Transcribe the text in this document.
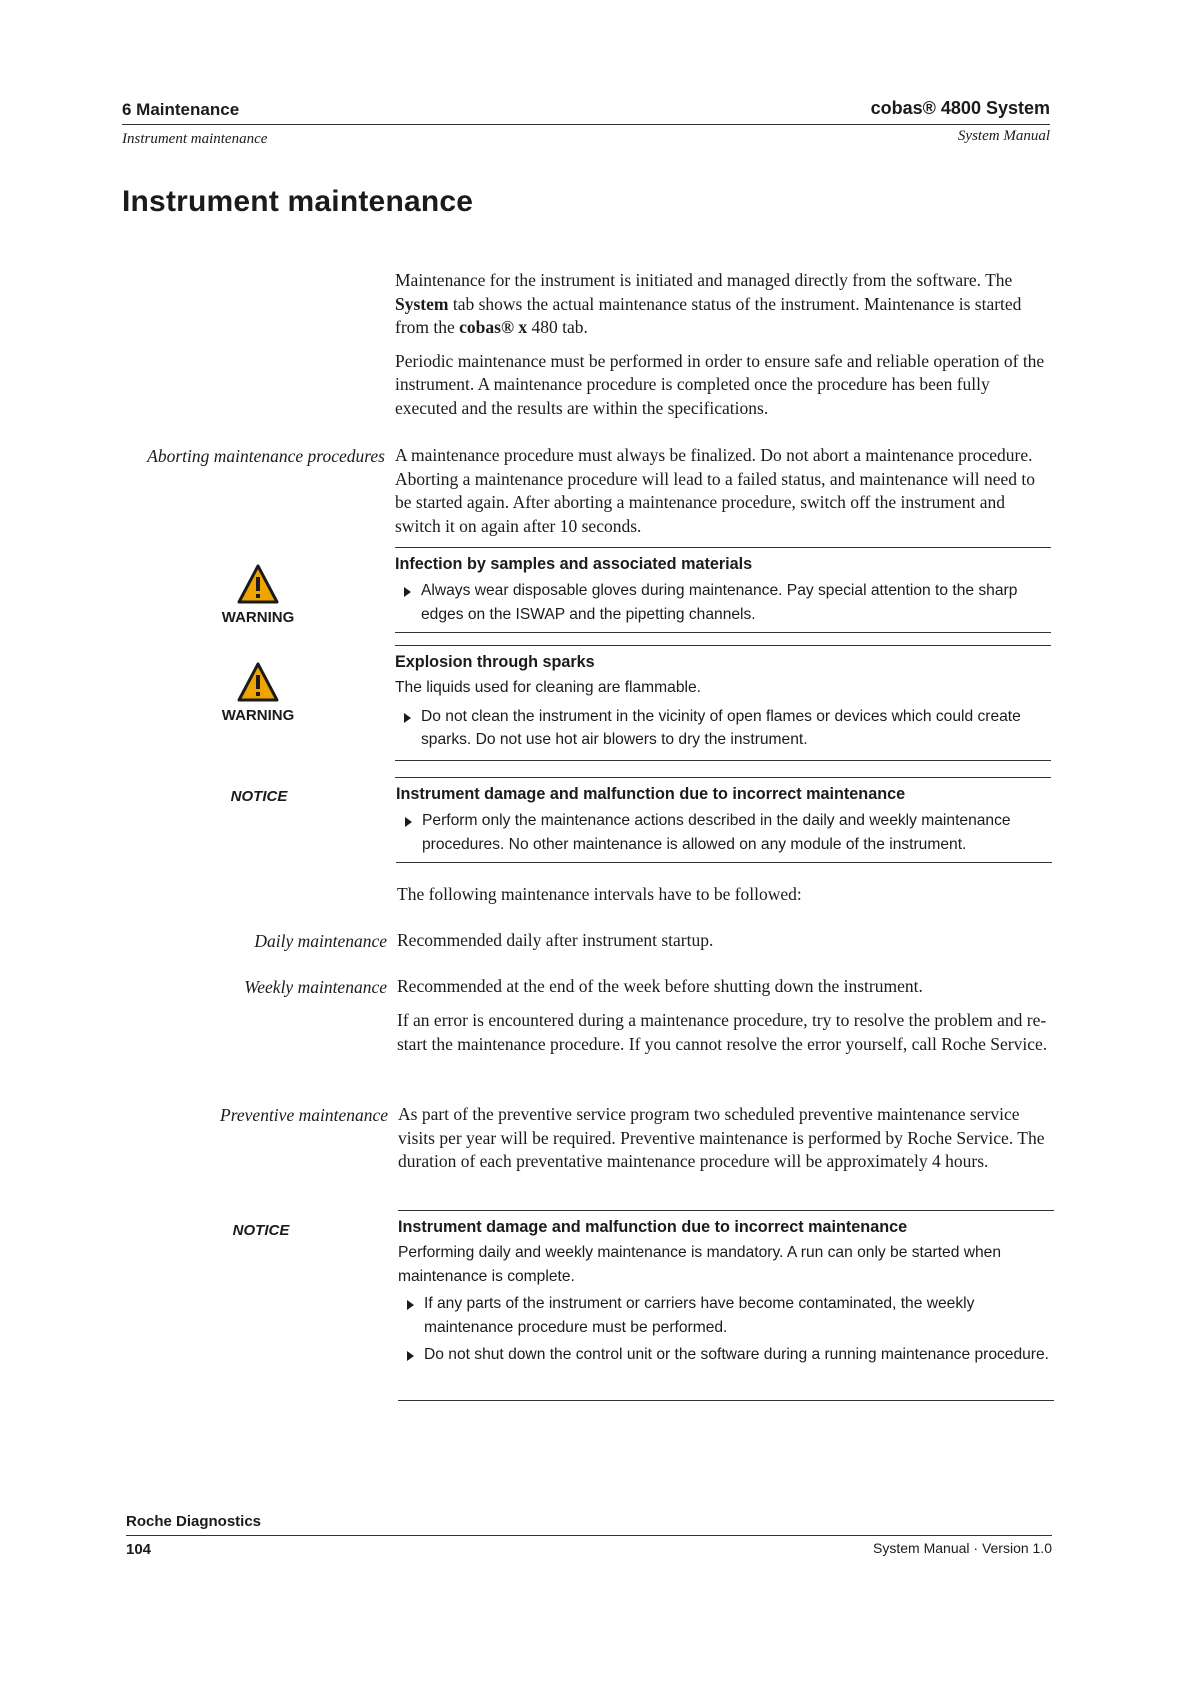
6 Maintenance
Instrument maintenance
cobas® 4800 System
System Manual
Instrument maintenance

Maintenance for the instrument is initiated and managed directly from the software. The System tab shows the actual maintenance status of the instrument. Maintenance is started from the cobas® x 480 tab.

Periodic maintenance must be performed in order to ensure safe and reliable operation of the instrument. A maintenance procedure is completed once the procedure has been fully executed and the results are within the specifications.

Aborting maintenance procedures A maintenance procedure must always be finalized. Do not abort a maintenance procedure. Aborting a maintenance procedure will lead to a failed status, and maintenance will need to be started again. After aborting a maintenance procedure, switch off the instrument and switch it on again after 10 seconds.

WARNING

Infection by samples and associated materials

Always wear disposable gloves during maintenance. Pay special attention to the sharp edges on the ISWAP and the pipetting channels.

WARNING

Explosion through sparks

The liquids used for cleaning are flammable.

Do not clean the instrument in the vicinity of open flames or devices which could create sparks. Do not use hot air blowers to dry the instrument.

NOTICE	Instrument damage and malfunction due to incorrect maintenance

Perform only the maintenance actions described in the daily and weekly maintenance procedures. No other maintenance is allowed on any module of the instrument.

The following maintenance intervals have to be followed:

Daily maintenance Recommended daily after instrument startup.

Weekly maintenance Recommended at the end of the week before shutting down the instrument.

If an error is encountered during a maintenance procedure, try to resolve the problem and re-start the maintenance procedure. If you cannot resolve the error yourself, call Roche Service.

Preventive maintenance As part of the preventive service program two scheduled preventive maintenance service visits per year will be required. Preventive maintenance is performed by Roche Service. The duration of each preventative maintenance procedure will be approximately 4 hours.

NOTICE	Instrument damage and malfunction due to incorrect maintenance

Performing daily and weekly maintenance is mandatory. A run can only be started when maintenance is complete.

If any parts of the instrument or carriers have become contaminated, the weekly maintenance procedure must be performed.

Do not shut down the control unit or the software during a running maintenance procedure.

Roche Diagnostics
104	System Manual · Version 1.0
